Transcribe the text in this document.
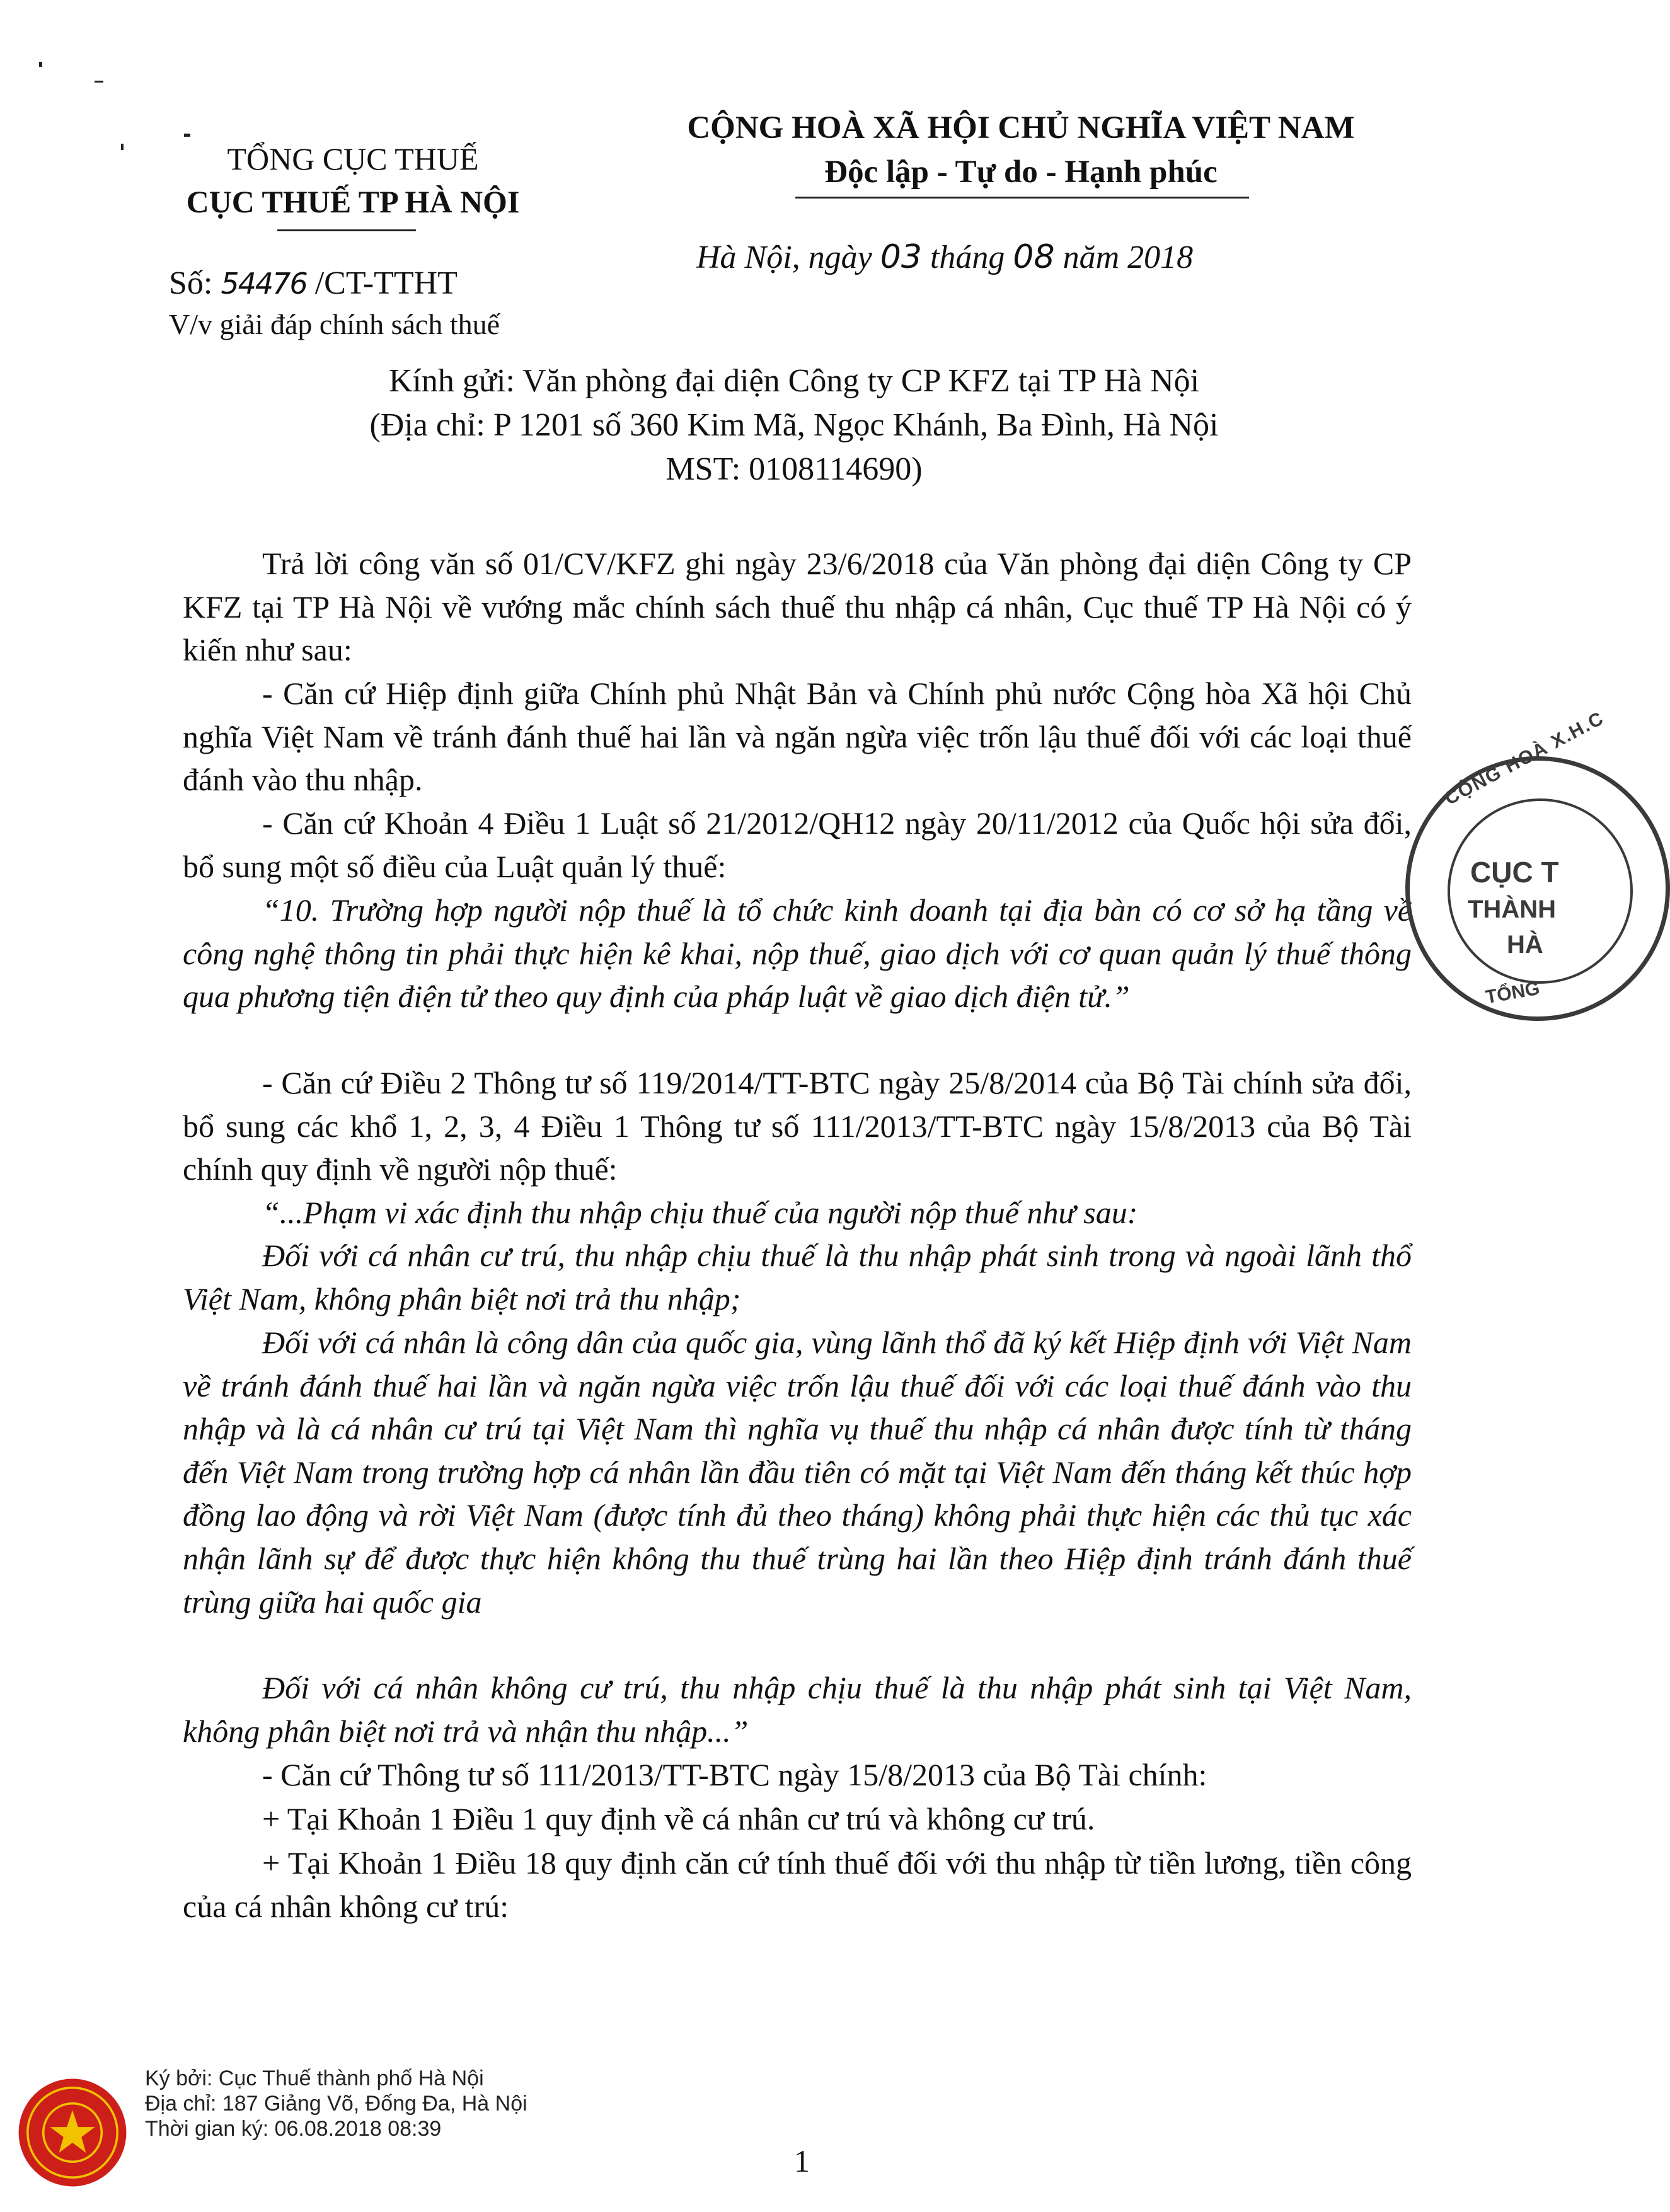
TỔNG CỤC THUẾ
CỤC THUẾ TP HÀ NỘI
Số: 54476 /CT-TTHT
V/v giải đáp chính sách thuế
CỘNG HOÀ XÃ HỘI CHỦ NGHĨA VIỆT NAM
Độc lập - Tự do - Hạnh phúc
Hà Nội, ngày 03 tháng 08 năm 2018
Kính gửi: Văn phòng đại diện Công ty CP KFZ tại TP Hà Nội
(Địa chỉ: P 1201 số 360 Kim Mã, Ngọc Khánh, Ba Đình, Hà Nội
MST: 0108114690)
Trả lời công văn số 01/CV/KFZ ghi ngày 23/6/2018 của Văn phòng đại diện Công ty CP KFZ tại TP Hà Nội về vướng mắc chính sách thuế thu nhập cá nhân, Cục thuế TP Hà Nội có ý kiến như sau:
- Căn cứ Hiệp định giữa Chính phủ Nhật Bản và Chính phủ nước Cộng hòa Xã hội Chủ nghĩa Việt Nam về tránh đánh thuế hai lần và ngăn ngừa việc trốn lậu thuế đối với các loại thuế đánh vào thu nhập.
- Căn cứ Khoản 4 Điều 1 Luật số 21/2012/QH12 ngày 20/11/2012 của Quốc hội sửa đổi, bổ sung một số điều của Luật quản lý thuế:
“10. Trường hợp người nộp thuế là tổ chức kinh doanh tại địa bàn có cơ sở hạ tầng về công nghệ thông tin phải thực hiện kê khai, nộp thuế, giao dịch với cơ quan quản lý thuế thông qua phương tiện điện tử theo quy định của pháp luật về giao dịch điện tử.”
- Căn cứ Điều 2 Thông tư số 119/2014/TT-BTC ngày 25/8/2014 của Bộ Tài chính sửa đổi, bổ sung các khổ 1, 2, 3, 4 Điều 1 Thông tư số 111/2013/TT-BTC ngày 15/8/2013 của Bộ Tài chính quy định về người nộp thuế:
“...Phạm vi xác định thu nhập chịu thuế của người nộp thuế như sau:
Đối với cá nhân cư trú, thu nhập chịu thuế là thu nhập phát sinh trong và ngoài lãnh thổ Việt Nam, không phân biệt nơi trả thu nhập;
Đối với cá nhân là công dân của quốc gia, vùng lãnh thổ đã ký kết Hiệp định với Việt Nam về tránh đánh thuế hai lần và ngăn ngừa việc trốn lậu thuế đối với các loại thuế đánh vào thu nhập và là cá nhân cư trú tại Việt Nam thì nghĩa vụ thuế thu nhập cá nhân được tính từ tháng đến Việt Nam trong trường hợp cá nhân lần đầu tiên có mặt tại Việt Nam đến tháng kết thúc hợp đồng lao động và rời Việt Nam (được tính đủ theo tháng) không phải thực hiện các thủ tục xác nhận lãnh sự để được thực hiện không thu thuế trùng hai lần theo Hiệp định tránh đánh thuế trùng giữa hai quốc gia
Đối với cá nhân không cư trú, thu nhập chịu thuế là thu nhập phát sinh tại Việt Nam, không phân biệt nơi trả và nhận thu nhập...”
- Căn cứ Thông tư số 111/2013/TT-BTC ngày 15/8/2013 của Bộ Tài chính:
+ Tại Khoản 1 Điều 1 quy định về cá nhân cư trú và không cư trú.
+ Tại Khoản 1 Điều 18 quy định căn cứ tính thuế đối với thu nhập từ tiền lương, tiền công của cá nhân không cư trú:
CỘNG HOÀ X.H.C
CỤC T
THÀNH
HÀ
TỔNG
Ký bởi: Cục Thuế thành phố Hà Nội
Địa chỉ: 187 Giảng Võ, Đống Đa, Hà Nội
Thời gian ký: 06.08.2018 08:39
1
